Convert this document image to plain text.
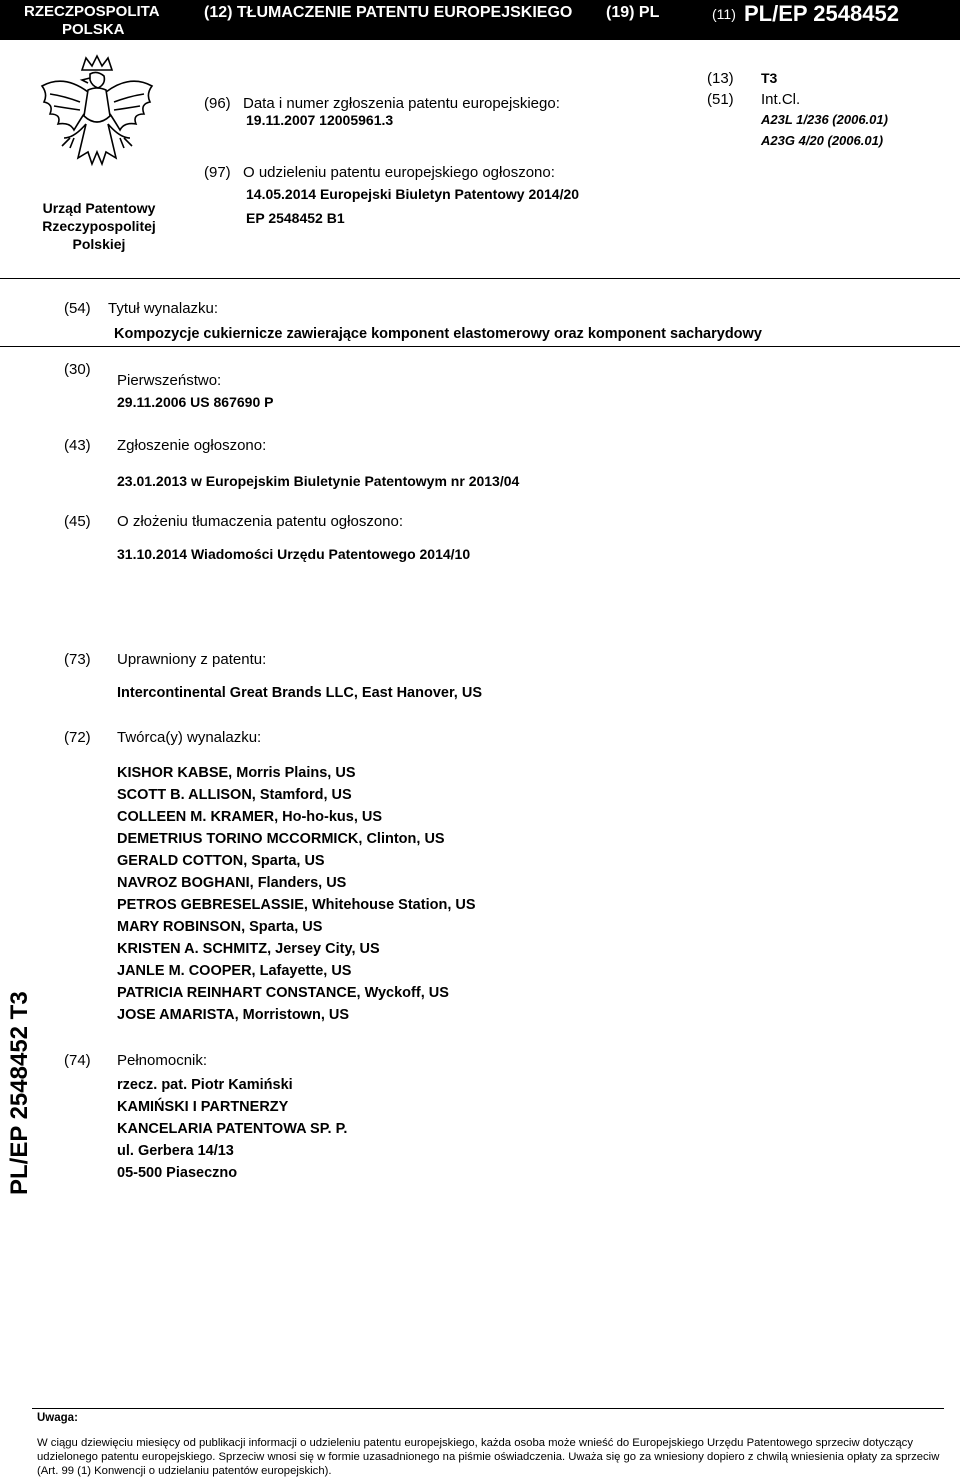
RZECZPOSPOLITA
POLSKA
(12) TŁUMACZENIE PATENTU EUROPEJSKIEGO (19) PL	(11) PL/EP 2548452
Urząd Patentowy
Rzeczypospolitej
Polskiej
(96) Data i numer zgłoszenia patentu europejskiego:
19.11.2007 12005961.3
(97) O udzieleniu patentu europejskiego ogłoszono:
14.05.2014 Europejski Biuletyn Patentowy 2014/20
EP 2548452 B1
(13) T3
(51) Int.Cl.
A23L 1/236 (2006.01)
A23G 4/20 (2006.01)
(54) Tytuł wynalazku:
Kompozycje cukiernicze zawierające komponent elastomerowy oraz komponent sacharydowy
(30)
Pierwszeństwo:
29.11.2006 US 867690 P
(43) Zgłoszenie ogłoszono:
23.01.2013 w Europejskim Biuletynie Patentowym nr 2013/04
(45) O złożeniu tłumaczenia patentu ogłoszono:
31.10.2014 Wiadomości Urzędu Patentowego 2014/10
(73) Uprawniony z patentu:
Intercontinental Great Brands LLC, East Hanover, US
(72) Twórca(y) wynalazku:
KISHOR KABSE, Morris Plains, US
SCOTT B. ALLISON, Stamford, US
COLLEEN M. KRAMER, Ho-ho-kus, US
DEMETRIUS TORINO MCCORMICK, Clinton, US
GERALD COTTON, Sparta, US
NAVROZ BOGHANI, Flanders, US
PETROS GEBRESELASSIE, Whitehouse Station, US
MARY ROBINSON, Sparta, US
KRISTEN A. SCHMITZ, Jersey City, US
JANLE M. COOPER, Lafayette, US
PATRICIA REINHART CONSTANCE, Wyckoff, US
JOSE AMARISTA, Morristown, US
(74) Pełnomocnik:
rzecz. pat. Piotr Kamiński
KAMIŃSKI I PARTNERZY
KANCELARIA PATENTOWA SP. P.
ul. Gerbera 14/13
05-500 Piaseczno
PL/EP 2548452 T3
Uwaga:
W ciągu dziewięciu miesięcy od publikacji informacji o udzieleniu patentu europejskiego, każda osoba może wnieść do Europejskiego Urzędu Patentowego sprzeciw dotyczący udzielonego patentu europejskiego. Sprzeciw wnosi się w formie uzasadnionego na piśmie oświadczenia. Uważa się go za wniesiony dopiero z chwilą wniesienia opłaty za sprzeciw (Art. 99 (1) Konwencji o udzielaniu patentów europejskich).
